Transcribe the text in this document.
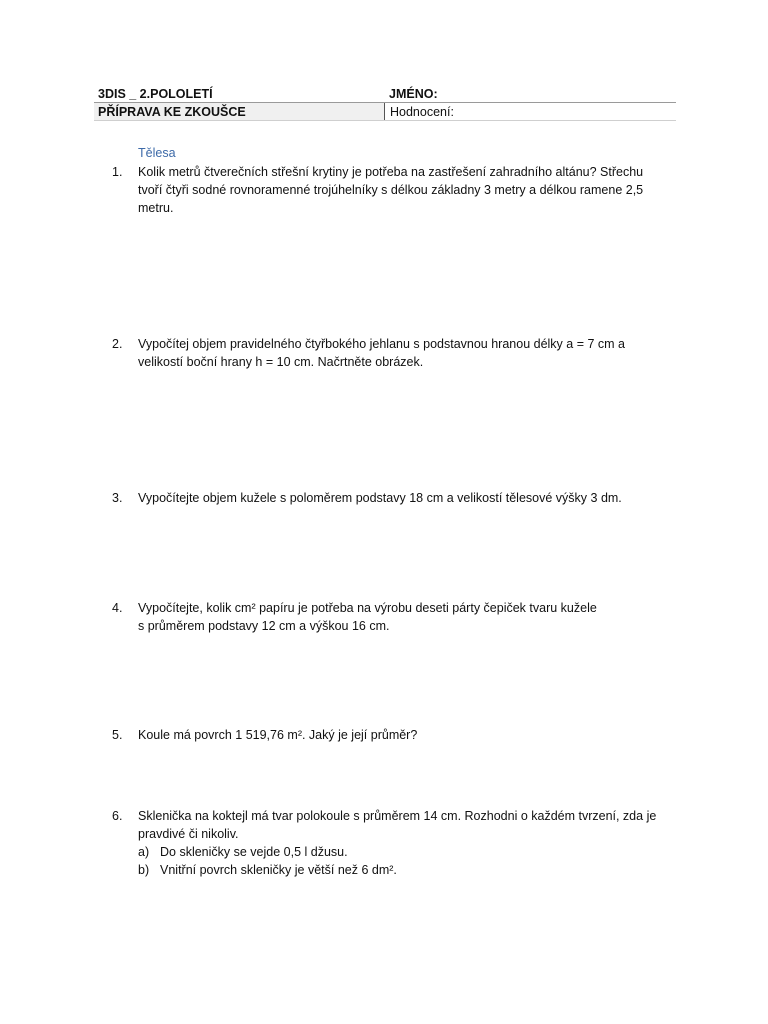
3DIS _ 2.POLOLETÍ	JMÉNO:
PŘÍPRAVA KE ZKOUŠCE	Hodnocení:
Tělesa
1.	Kolik metrů čtverečních střešní krytiny je potřeba na zastřešení zahradního altánu? Střechu
tvoří čtyři sodné rovnoramenné trojúhelníky s délkou základny 3 metry a délkou ramene 2,5
metru.
2.	Vypočítej objem pravidelného čtyřbokého jehlanu s podstavnou hranou délky a = 7 cm a
velikostí boční hrany h = 10 cm. Načrtněte obrázek.
3.	Vypočítejte objem kužele s poloměrem podstavy 18 cm a velikostí tělesové výšky 3 dm.
4.	Vypočítejte, kolik cm² papíru je potřeba na výrobu deseti párty čepiček tvaru kužele
s průměrem podstavy 12 cm a výškou 16 cm.
5.	Koule má povrch 1 519,76 m². Jaký je její průměr?
6.	Sklenička na koktejl má tvar polokoule s průměrem 14 cm. Rozhodni o každém tvrzení, zda je
pravdivé či nikoliv.
a) Do skleničky se vejde 0,5 l džusu.
b) Vnitřní povrch skleničky je větší než 6 dm².
